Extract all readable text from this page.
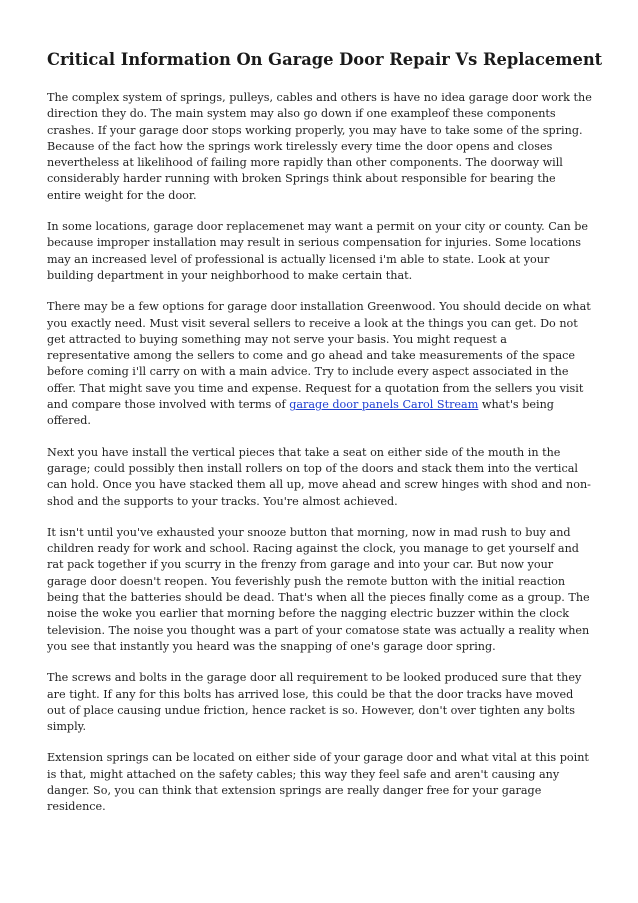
Critical Information On Garage Door Repair Vs Replacement

The complex system of springs, pulleys, cables and others is have no idea garage door work the direction they do. The main system may also go down if one exampleof these components crashes. If your garage door stops working properly, you may have to take some of the spring. Because of the fact how the springs work tirelessly every time the door opens and closes nevertheless at likelihood of failing more rapidly than other components. The doorway will considerably harder running with broken Springs think about responsible for bearing the entire weight for the door.

In some locations, garage door replacemenet may want a permit on your city or county. Can be because improper installation may result in serious compensation for injuries. Some locations may an increased level of professional is actually licensed i'm able to state. Look at your building department in your neighborhood to make certain that.

There may be a few options for garage door installation Greenwood. You should decide on what you exactly need. Must visit several sellers to receive a look at the things you can get. Do not get attracted to buying something may not serve your basis. You might request a representative among the sellers to come and go ahead and take measurements of the space before coming i'll carry on with a main advice. Try to include every aspect associated in the offer. That might save you time and expense. Request for a quotation from the sellers you visit and compare those involved with terms of garage door panels Carol Stream what's being offered.

Next you have install the vertical pieces that take a seat on either side of the mouth in the garage; could possibly then install rollers on top of the doors and stack them into the vertical can hold. Once you have stacked them all up, move ahead and screw hinges with shod and non-shod and the supports to your tracks. You're almost achieved.

It isn't until you've exhausted your snooze button that morning, now in mad rush to buy and children ready for work and school. Racing against the clock, you manage to get yourself and rat pack together if you scurry in the frenzy from garage and into your car. But now your garage door doesn't reopen. You feverishly push the remote button with the initial reaction being that the batteries should be dead. That's when all the pieces finally come as a group. The noise the woke you earlier that morning before the nagging electric buzzer within the clock television. The noise you thought was a part of your comatose state was actually a reality when you see that instantly you heard was the snapping of one's garage door spring.

The screws and bolts in the garage door all requirement to be looked produced sure that they are tight. If any for this bolts has arrived lose, this could be that the door tracks have moved out of place causing undue friction, hence racket is so. However, don't over tighten any bolts simply.

Extension springs can be located on either side of your garage door and what vital at this point is that, might attached on the safety cables; this way they feel safe and aren't causing any danger. So, you can think that extension springs are really danger free for your garage residence.
